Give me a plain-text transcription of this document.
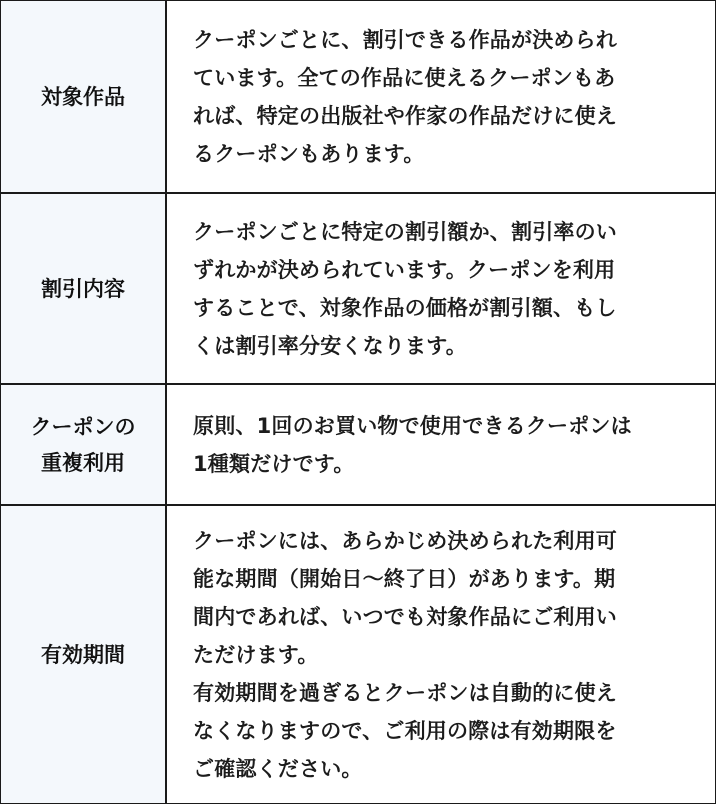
対象作品

クーポンごとに、割引できる作品が決められ
ています。全ての作品に使えるクーポンもあ
れば、特定の出版社や作家の作品だけに使え
るクーポンもあります。

割引内容

クーポンごとに特定の割引額か、割引率のい
ずれかが決められています。クーポンを利用
することで、対象作品の価格が割引額、もし
くは割引率分安くなります。

クーポンの
重複利用

原則、1回のお買い物で使用できるクーポンは
1種類だけです。

有効期間

クーポンには、あらかじめ決められた利用可
能な期間（開始日〜終了日）があります。期
間内であれば、いつでも対象作品にご利用い
ただけます。
有効期間を過ぎるとクーポンは自動的に使え
なくなりますので、ご利用の際は有効期限を
ご確認ください。
